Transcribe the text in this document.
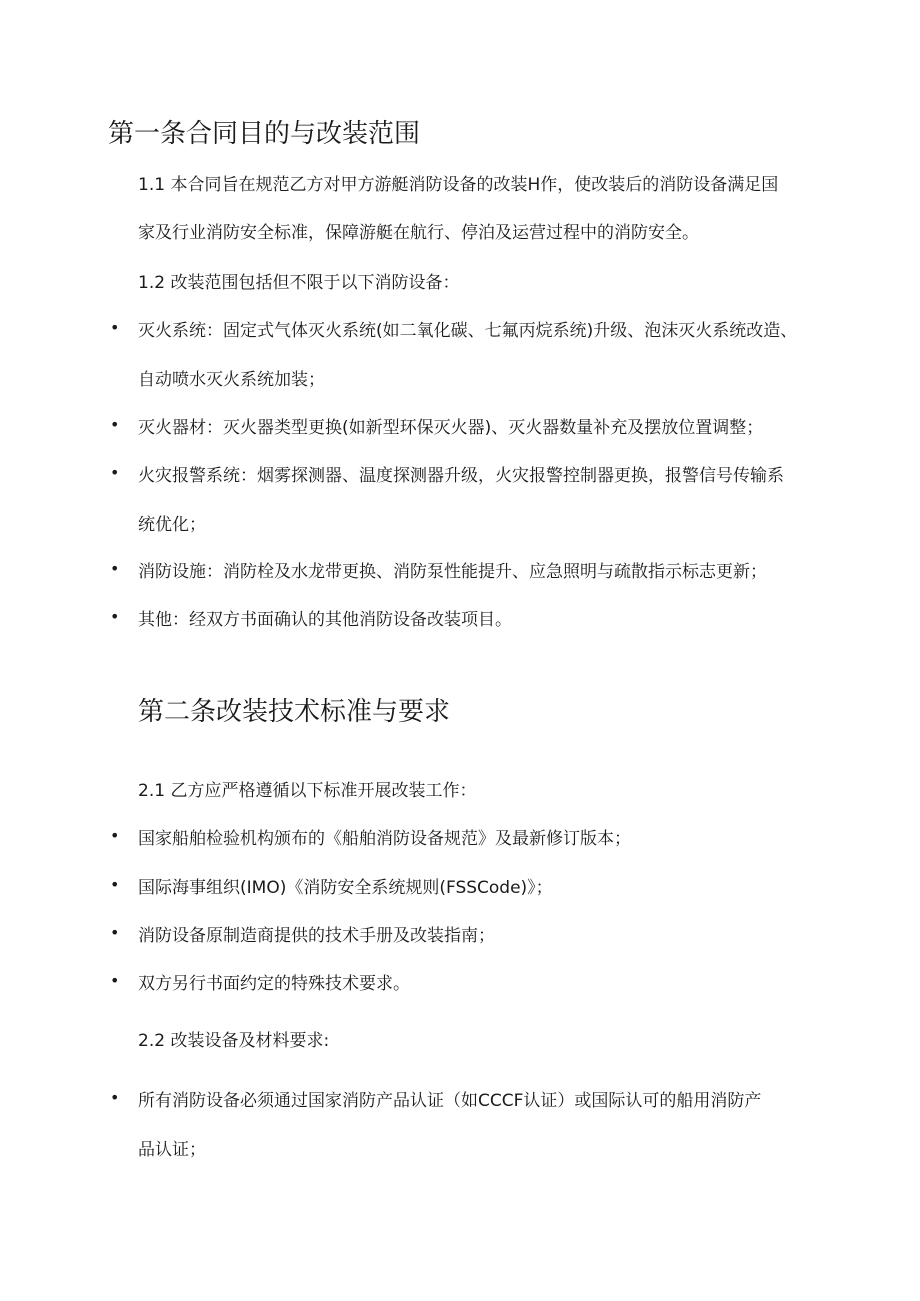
第一条合同目的与改装范围
1.1 本合同旨在规范乙方对甲方游艇消防设备的改装H作，使改装后的消防设备满足国
家及行业消防安全标准，保障游艇在航行、停泊及运营过程中的消防安全。
1.2 改装范围包括但不限于以下消防设备：
• 灭火系统：固定式气体灭火系统(如二氧化碳、七氟丙烷系统)升级、泡沫灭火系统改造、
自动喷水灭火系统加装；
• 灭火器材：灭火器类型更换(如新型环保灭火器)、灭火器数量补充及摆放位置调整；
• 火灾报警系统：烟雾探测器、温度探测器升级，火灾报警控制器更换，报警信号传输系
统优化；
• 消防设施：消防栓及水龙带更换、消防泵性能提升、应急照明与疏散指示标志更新；
• 其他：经双方书面确认的其他消防设备改装项目。
第二条改装技术标准与要求
2.1 乙方应严格遵循以下标准开展改装工作：
• 国家船舶检验机构颁布的《船舶消防设备规范》及最新修订版本；
• 国际海事组织(IMO)《消防安全系统规则(FSSCode)》；
• 消防设备原制造商提供的技术手册及改装指南；
• 双方另行书面约定的特殊技术要求。
2.2 改装设备及材料要求:
• 所有消防设备必须通过国家消防产品认证（如CCCF认证）或国际认可的船用消防产
品认证；
